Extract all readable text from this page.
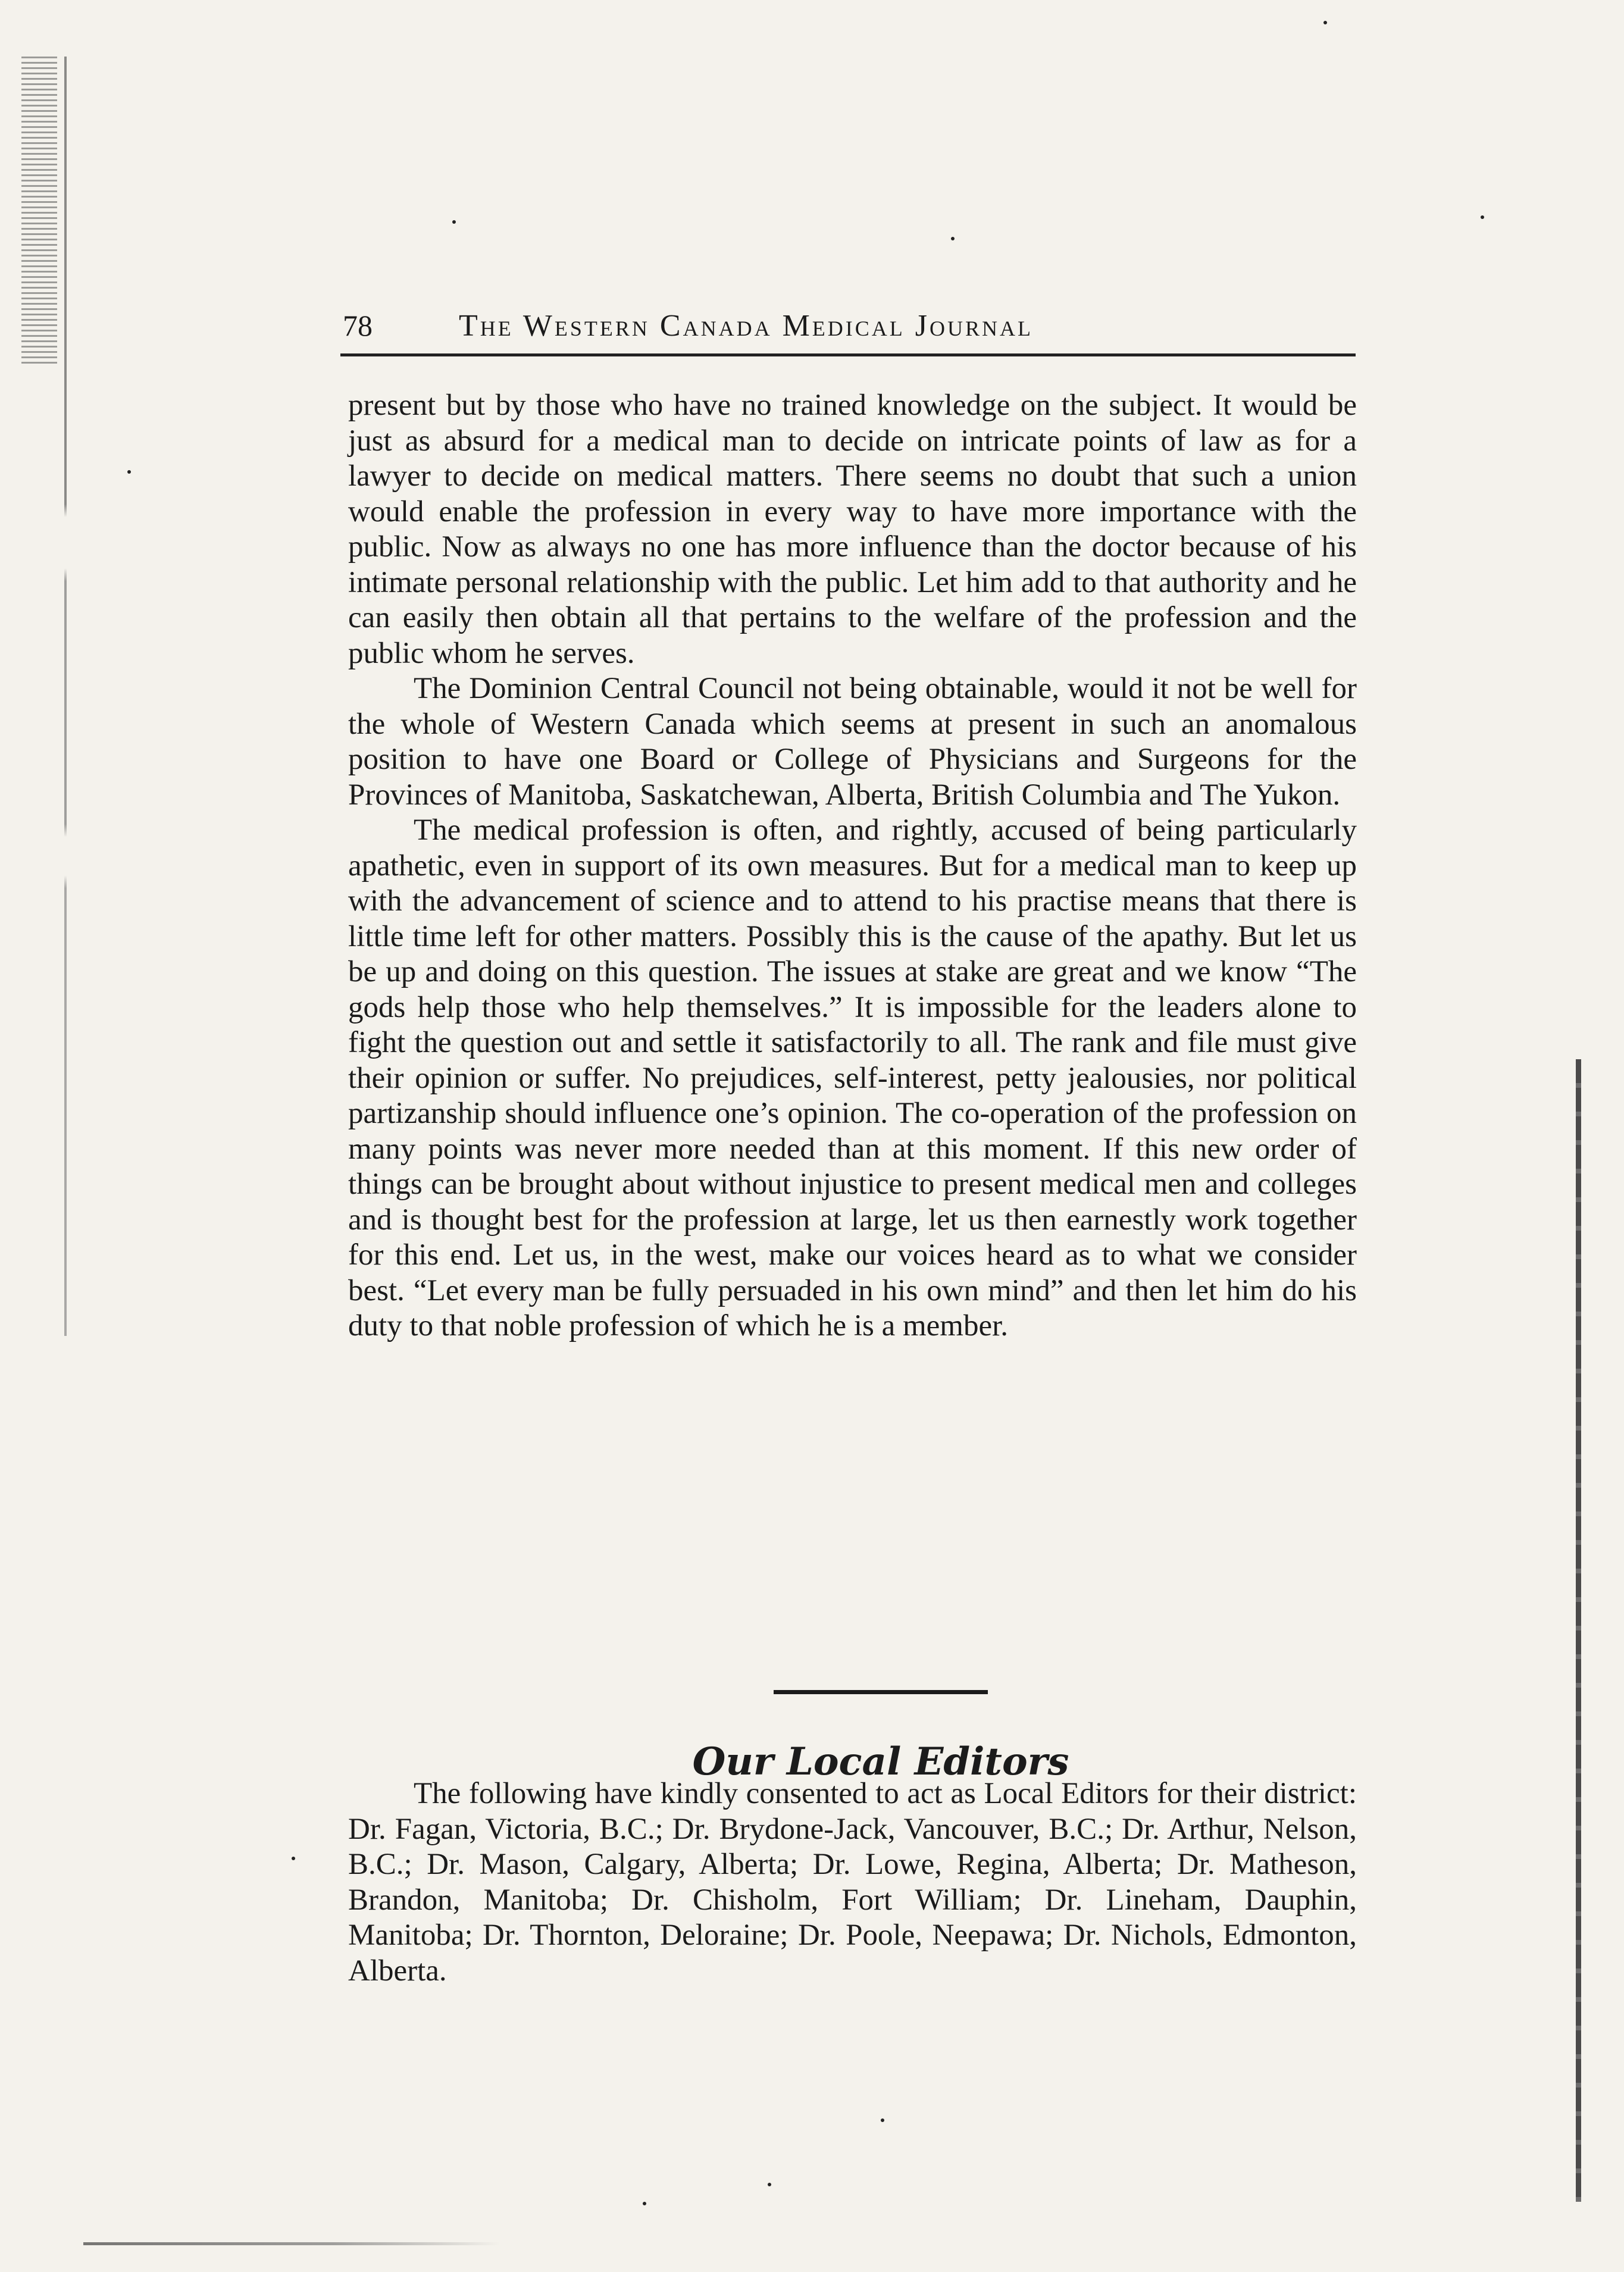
78	The Western Canada Medical Journal

present but by those who have no trained knowledge on the subject. It would be just as absurd for a medical man to decide on intricate points of law as for a lawyer to decide on medical matters. There seems no doubt that such a union would enable the profession in every way to have more importance with the public. Now as always no one has more influence than the doctor because of his intimate personal relationship with the public. Let him add to that authority and he can easily then obtain all that pertains to the welfare of the profession and the public whom he serves.

The Dominion Central Council not being obtainable, would it not be well for the whole of Western Canada which seems at present in such an anomalous position to have one Board or College of Physicians and Surgeons for the Provinces of Manitoba, Saskatchewan, Alberta, British Columbia and The Yukon.

The medical profession is often, and rightly, accused of being particularly apathetic, even in support of its own measures. But for a medical man to keep up with the advancement of science and to attend to his practise means that there is little time left for other matters. Possibly this is the cause of the apathy. But let us be up and doing on this question. The issues at stake are great and we know “The gods help those who help themselves.” It is impossible for the leaders alone to fight the question out and settle it satisfactorily to all. The rank and file must give their opinion or suffer. No prejudices, self-interest, petty jealousies, nor political partizanship should influence one’s opinion. The co-operation of the profession on many points was never more needed than at this moment. If this new order of things can be brought about without injustice to present medical men and colleges and is thought best for the profession at large, let us then earnestly work together for this end. Let us, in the west, make our voices heard as to what we consider best. “Let every man be fully persuaded in his own mind” and then let him do his duty to that noble profession of which he is a member.

Our Local Editors

The following have kindly consented to act as Local Editors for their district: Dr. Fagan, Victoria, B.C.; Dr. Brydone-Jack, Vancouver, B.C.; Dr. Arthur, Nelson, B.C.; Dr. Mason, Calgary, Alberta; Dr. Lowe, Regina, Alberta; Dr. Matheson, Brandon, Manitoba; Dr. Chisholm, Fort William; Dr. Lineham, Dauphin, Manitoba; Dr. Thornton, Deloraine; Dr. Poole, Neepawa; Dr. Nichols, Edmonton, Alberta.
